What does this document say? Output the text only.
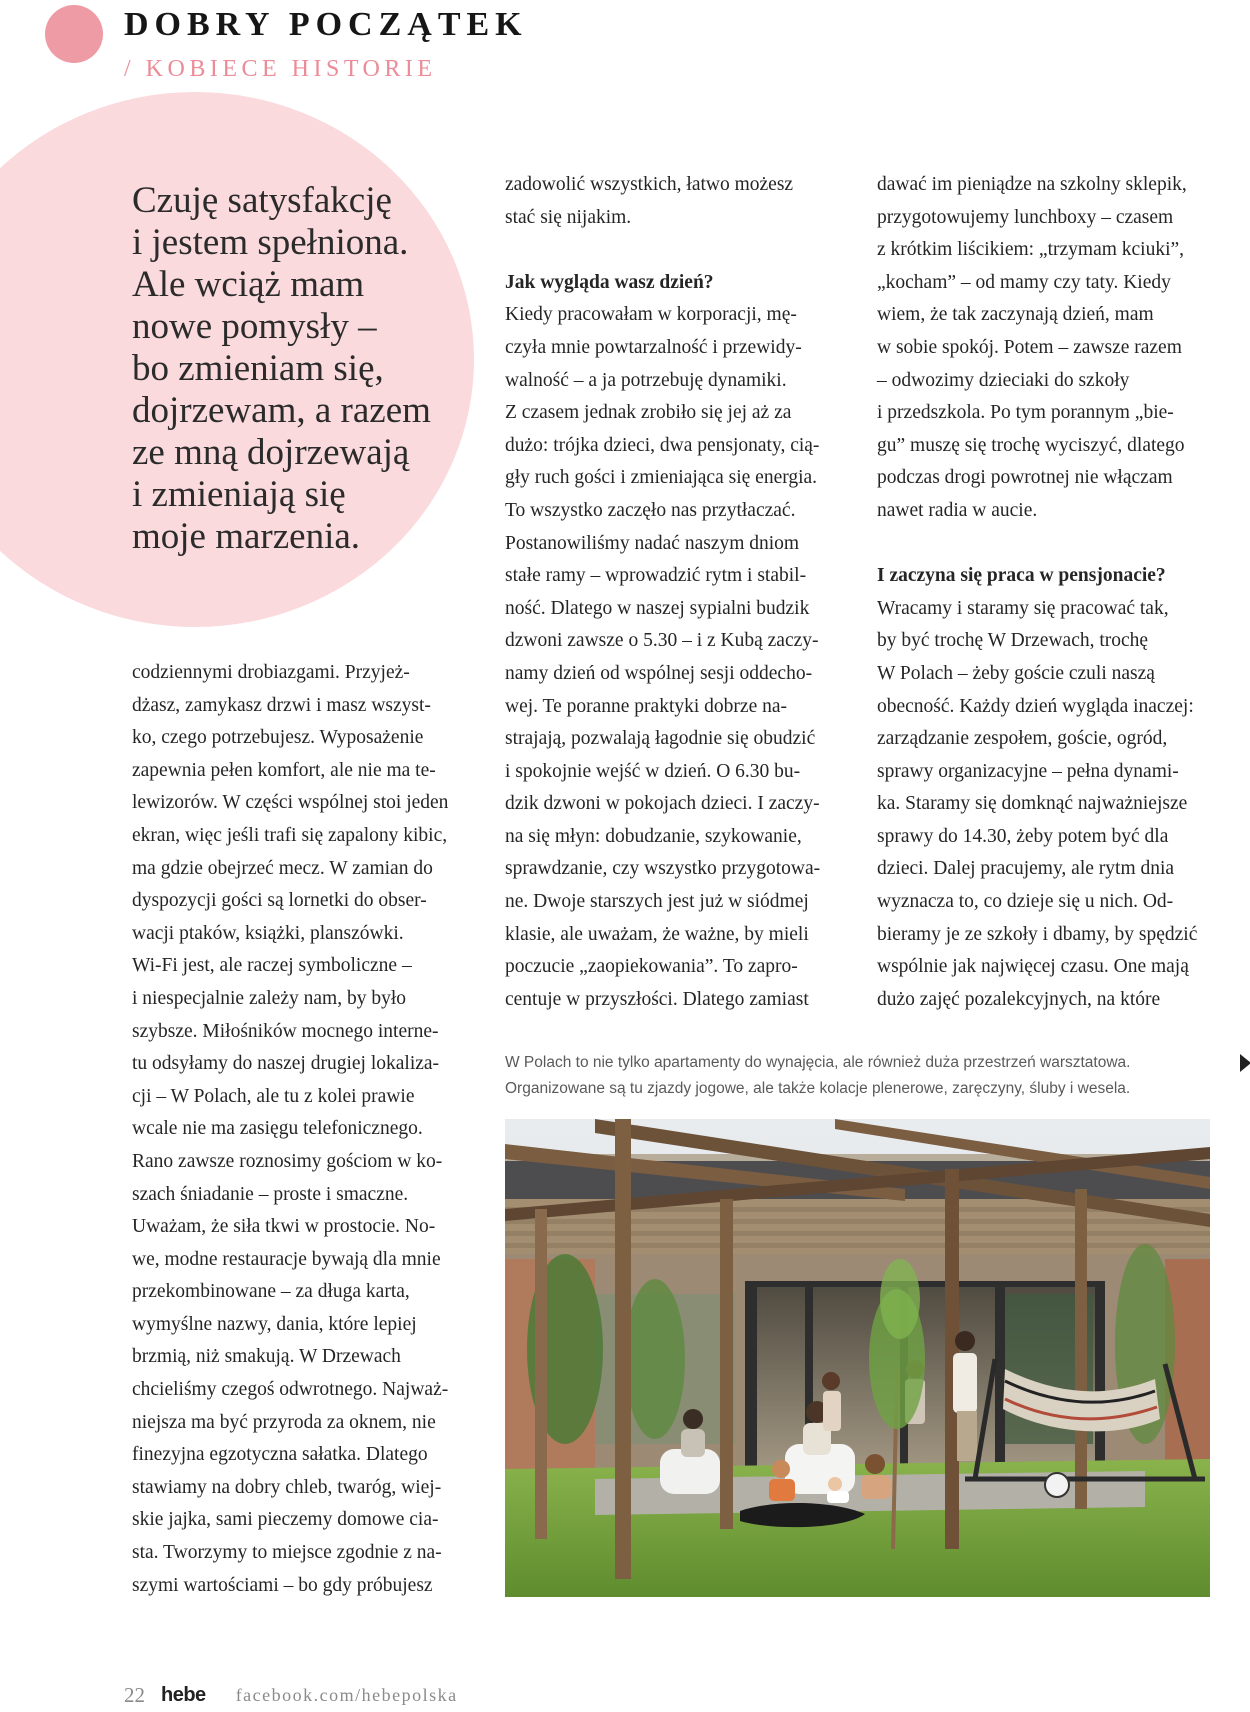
DOBRY POCZĄTEK
/ KOBIECE HISTORIE
Czuję satysfakcję
i jestem spełniona.
Ale wciąż mam
nowe pomysły –
bo zmieniam się,
dojrzewam, a razem
ze mną dojrzewają
i zmieniają się
moje marzenia.
codziennymi drobiazgami. Przyjeż-
dżasz, zamykasz drzwi i masz wszyst-
ko, czego potrzebujesz. Wyposażenie
zapewnia pełen komfort, ale nie ma te-
lewizorów. W części wspólnej stoi jeden
ekran, więc jeśli trafi się zapalony kibic,
ma gdzie obejrzeć mecz. W zamian do
dyspozycji gości są lornetki do obser-
wacji ptaków, książki, planszówki.
Wi-Fi jest, ale raczej symboliczne –
i niespecjalnie zależy nam, by było
szybsze. Miłośników mocnego interne-
tu odsyłamy do naszej drugiej lokaliza-
cji – W Polach, ale tu z kolei prawie
wcale nie ma zasięgu telefonicznego.
Rano zawsze roznosimy gościom w ko-
szach śniadanie – proste i smaczne.
Uważam, że siła tkwi w prostocie. No-
we, modne restauracje bywają dla mnie
przekombinowane – za długa karta,
wymyślne nazwy, dania, które lepiej
brzmią, niż smakują. W Drzewach
chcieliśmy czegoś odwrotnego. Najważ-
niejsza ma być przyroda za oknem, nie
finezyjna egzotyczna sałatka. Dlatego
stawiamy na dobry chleb, twaróg, wiej-
skie jajka, sami pieczemy domowe cia-
sta. Tworzymy to miejsce zgodnie z na-
szymi wartościami – bo gdy próbujesz
zadowolić wszystkich, łatwo możesz
stać się nijakim.
Jak wygląda wasz dzień?
Kiedy pracowałam w korporacji, mę-
czyła mnie powtarzalność i przewidy-
walność – a ja potrzebuję dynamiki.
Z czasem jednak zrobiło się jej aż za
dużo: trójka dzieci, dwa pensjonaty, cią-
gły ruch gości i zmieniająca się energia.
To wszystko zaczęło nas przytłaczać.
Postanowiliśmy nadać naszym dniom
stałe ramy – wprowadzić rytm i stabil-
ność. Dlatego w naszej sypialni budzik
dzwoni zawsze o 5.30 – i z Kubą zaczy-
namy dzień od wspólnej sesji oddecho-
wej. Te poranne praktyki dobrze na-
strajają, pozwalają łagodnie się obudzić
i spokojnie wejść w dzień. O 6.30 bu-
dzik dzwoni w pokojach dzieci. I zaczy-
na się młyn: dobudzanie, szykowanie,
sprawdzanie, czy wszystko przygotowa-
ne. Dwoje starszych jest już w siódmej
klasie, ale uważam, że ważne, by mieli
poczucie „zaopiekowania”. To zapro-
centuje w przyszłości. Dlatego zamiast
dawać im pieniądze na szkolny sklepik,
przygotowujemy lunchboxy – czasem
z krótkim liścikiem: „trzymam kciuki”,
„kocham” – od mamy czy taty. Kiedy
wiem, że tak zaczynają dzień, mam
w sobie spokój. Potem – zawsze razem
– odwozimy dzieciaki do szkoły
i przedszkola. Po tym porannym „bie-
gu” muszę się trochę wyciszyć, dlatego
podczas drogi powrotnej nie włączam
nawet radia w aucie.
I zaczyna się praca w pensjonacie?
Wracamy i staramy się pracować tak,
by być trochę W Drzewach, trochę
W Polach – żeby goście czuli naszą
obecność. Każdy dzień wygląda inaczej:
zarządzanie zespołem, goście, ogród,
sprawy organizacyjne – pełna dynami-
ka. Staramy się domknąć najważniejsze
sprawy do 14.30, żeby potem być dla
dzieci. Dalej pracujemy, ale rytm dnia
wyznacza to, co dzieje się u nich. Od-
bieramy je ze szkoły i dbamy, by spędzić
wspólnie jak najwięcej czasu. One mają
dużo zajęć pozalekcyjnych, na które
W Polach to nie tylko apartamenty do wynajęcia, ale również duża przestrzeń warsztatowa.
Organizowane są tu zjazdy jogowe, ale także kolacje plenerowe, zaręczyny, śluby i wesela.
22 hebe facebook.com/hebepolska
